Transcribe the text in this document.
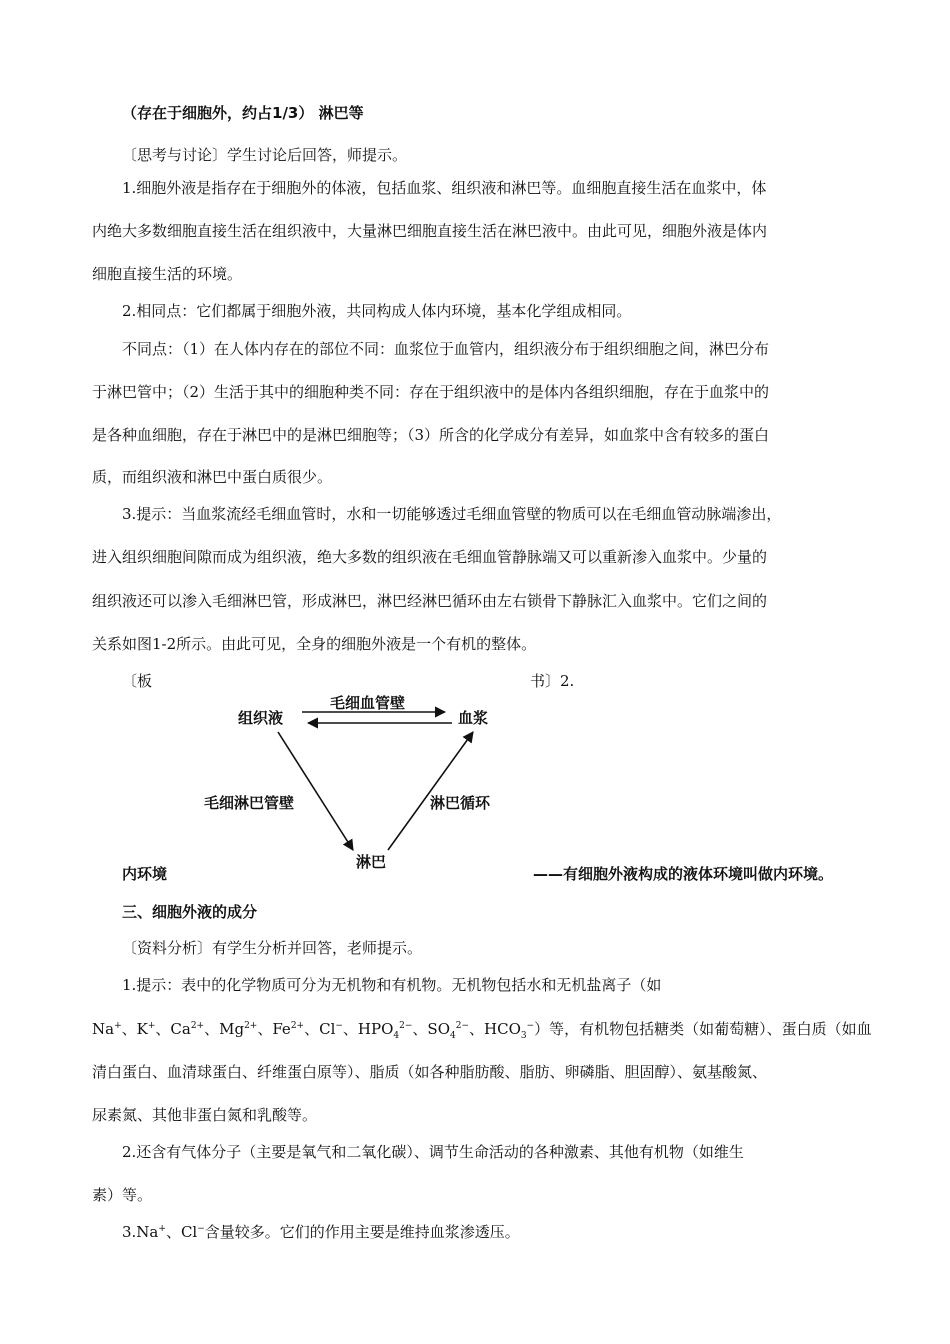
（存在于细胞外，约占1/3） 淋巴等
〔思考与讨论〕学生讨论后回答，师提示。
1.细胞外液是指存在于细胞外的体液，包括血浆、组织液和淋巴等。血细胞直接生活在血浆中，体
内绝大多数细胞直接生活在组织液中，大量淋巴细胞直接生活在淋巴液中。由此可见，细胞外液是体内
细胞直接生活的环境。
2.相同点：它们都属于细胞外液，共同构成人体内环境，基本化学组成相同。
不同点：（1）在人体内存在的部位不同：血浆位于血管内，组织液分布于组织细胞之间，淋巴分布
于淋巴管中；（2）生活于其中的细胞种类不同：存在于组织液中的是体内各组织细胞，存在于血浆中的
是各种血细胞，存在于淋巴中的是淋巴细胞等；（3）所含的化学成分有差异，如血浆中含有较多的蛋白
质，而组织液和淋巴中蛋白质很少。
3.提示：当血浆流经毛细血管时，水和一切能够透过毛细血管壁的物质可以在毛细血管动脉端渗出，
进入组织细胞间隙而成为组织液，绝大多数的组织液在毛细血管静脉端又可以重新渗入血浆中。少量的
组织液还可以渗入毛细淋巴管，形成淋巴，淋巴经淋巴循环由左右锁骨下静脉汇入血浆中。它们之间的
关系如图1-2所示。由此可见，全身的细胞外液是一个有机的整体。
〔板	书〕2.
毛细血管壁
组织液	血浆
淋巴
毛细淋巴管壁	淋巴循环
内环境	——有细胞外液构成的液体环境叫做内环境。
三、细胞外液的成分
〔资料分析〕有学生分析并回答，老师提示。
1.提示：表中的化学物质可分为无机物和有机物。无机物包括水和无机盐离子（如
Na+、K+、$Ca^{2+}$、$Mg^{2+}$、$Fe^{2+}$、Cl−、$HPO_4^{2-}$、$SO_4^{2-}$、$HCO_3^-$）等，有机物包括糖类（如葡萄糖）、蛋白质（如血
清白蛋白、血清球蛋白、纤维蛋白原等）、脂质（如各种脂肪酸、脂肪、卵磷脂、胆固醇）、氨基酸氮、
尿素氮、其他非蛋白氮和乳酸等。
2.还含有气体分子（主要是氧气和二氧化碳）、调节生命活动的各种激素、其他有机物（如维生
素）等。
3.Na+、Cl−含量较多。它们的作用主要是维持血浆渗透压。
